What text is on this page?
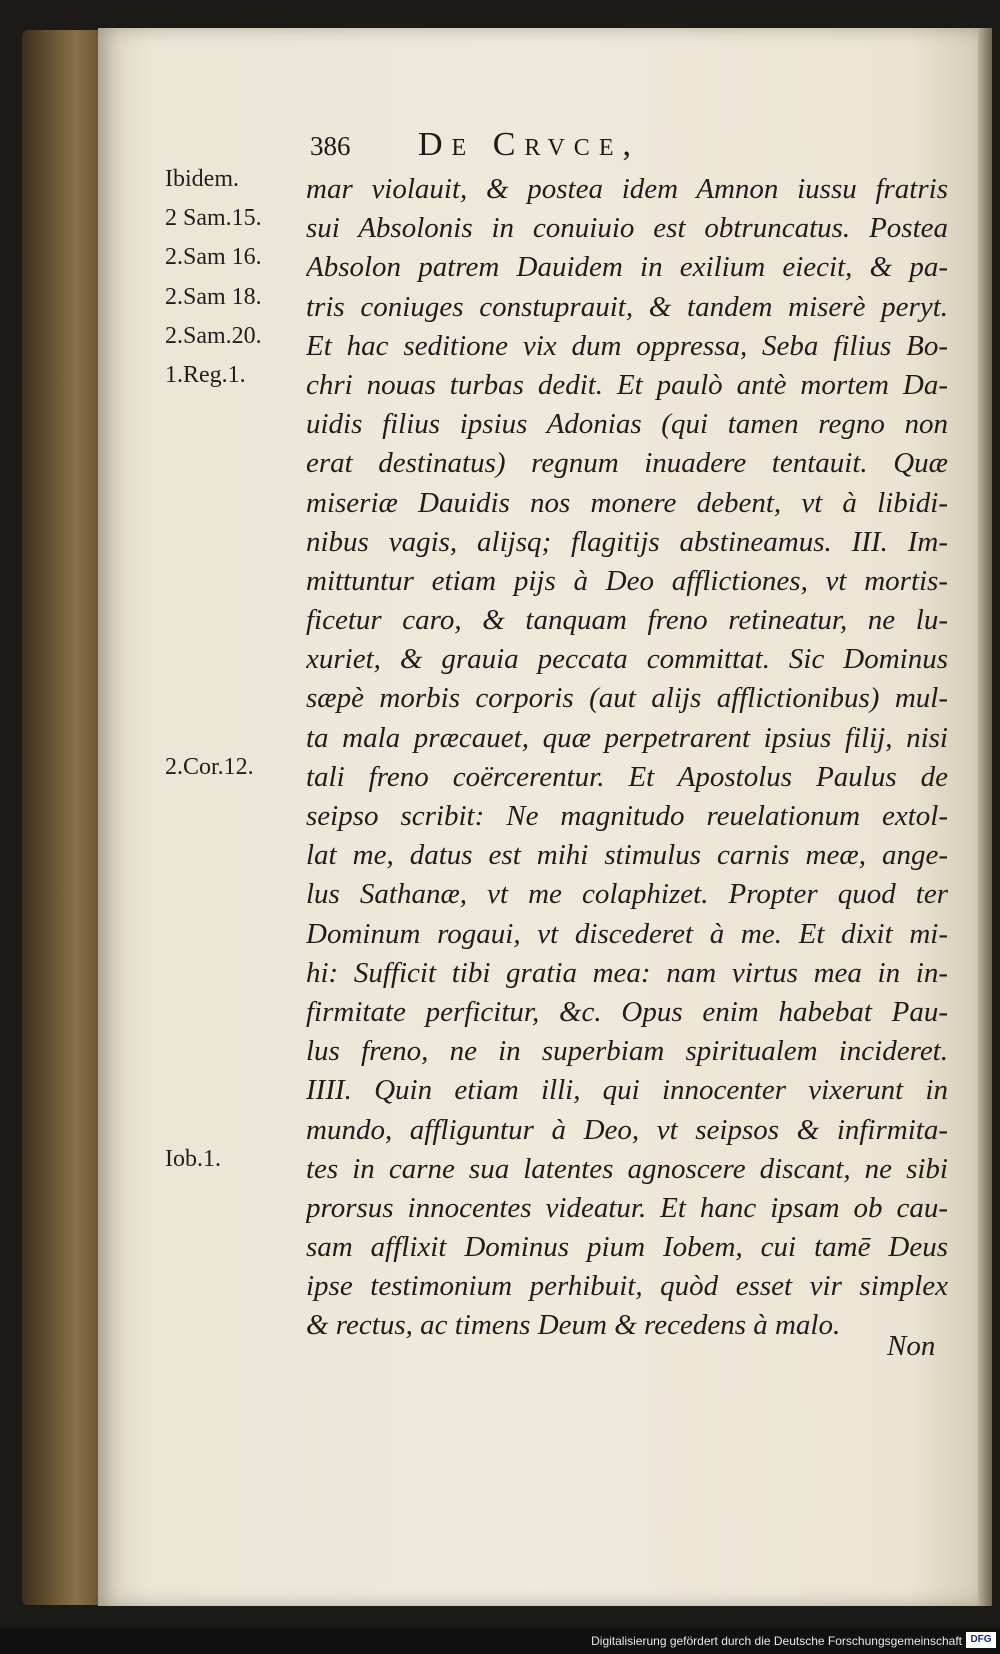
386 De Crvce,
Ibidem.
2 Sam.15.
2.Sam 16.
2.Sam 18.
2.Sam.20.
1.Reg.1.
2.Cor.12.
Iob.1.
mar violauit, & postea idem Amnon iussu fratris
sui Absolonis in conuiuio est obtruncatus. Postea
Absolon patrem Dauidem in exilium eiecit, & pa-
tris coniuges constuprauit, & tandem miserè peryt.
Et hac seditione vix dum oppressa, Seba filius Bo-
chri nouas turbas dedit. Et paulò antè mortem Da-
uidis filius ipsius Adonias (qui tamen regno non
erat destinatus) regnum inuadere tentauit. Quæ
miseriæ Dauidis nos monere debent, vt à libidi-
nibus vagis, alijsq; flagitijs abstineamus. III. Im-
mittuntur etiam pijs à Deo afflictiones, vt mortis-
ficetur caro, & tanquam freno retineatur, ne lu-
xuriet, & grauia peccata committat. Sic Dominus
sæpè morbis corporis (aut alijs afflictionibus) mul-
ta mala præcauet, quæ perpetrarent ipsius filij, nisi
tali freno coërcerentur. Et Apostolus Paulus de
seipso scribit: Ne magnitudo reuelationum extol-
lat me, datus est mihi stimulus carnis meæ, ange-
lus Sathanæ, vt me colaphizet. Propter quod ter
Dominum rogaui, vt discederet à me. Et dixit mi-
hi: Sufficit tibi gratia mea: nam virtus mea in in-
firmitate perficitur, &c. Opus enim habebat Pau-
lus freno, ne in superbiam spiritualem incideret.
IIII. Quin etiam illi, qui innocenter vixerunt in
mundo, affliguntur à Deo, vt seipsos & infirmita-
tes in carne sua latentes agnoscere discant, ne sibi
prorsus innocentes videatur. Et hanc ipsam ob cau-
sam afflixit Dominus pium Iobem, cui tamē Deus
ipse testimonium perhibuit, quòd esset vir simplex
& rectus, ac timens Deum & recedens à malo.
Non
Digitalisierung gefördert durch die Deutsche Forschungsgemeinschaft DFG
